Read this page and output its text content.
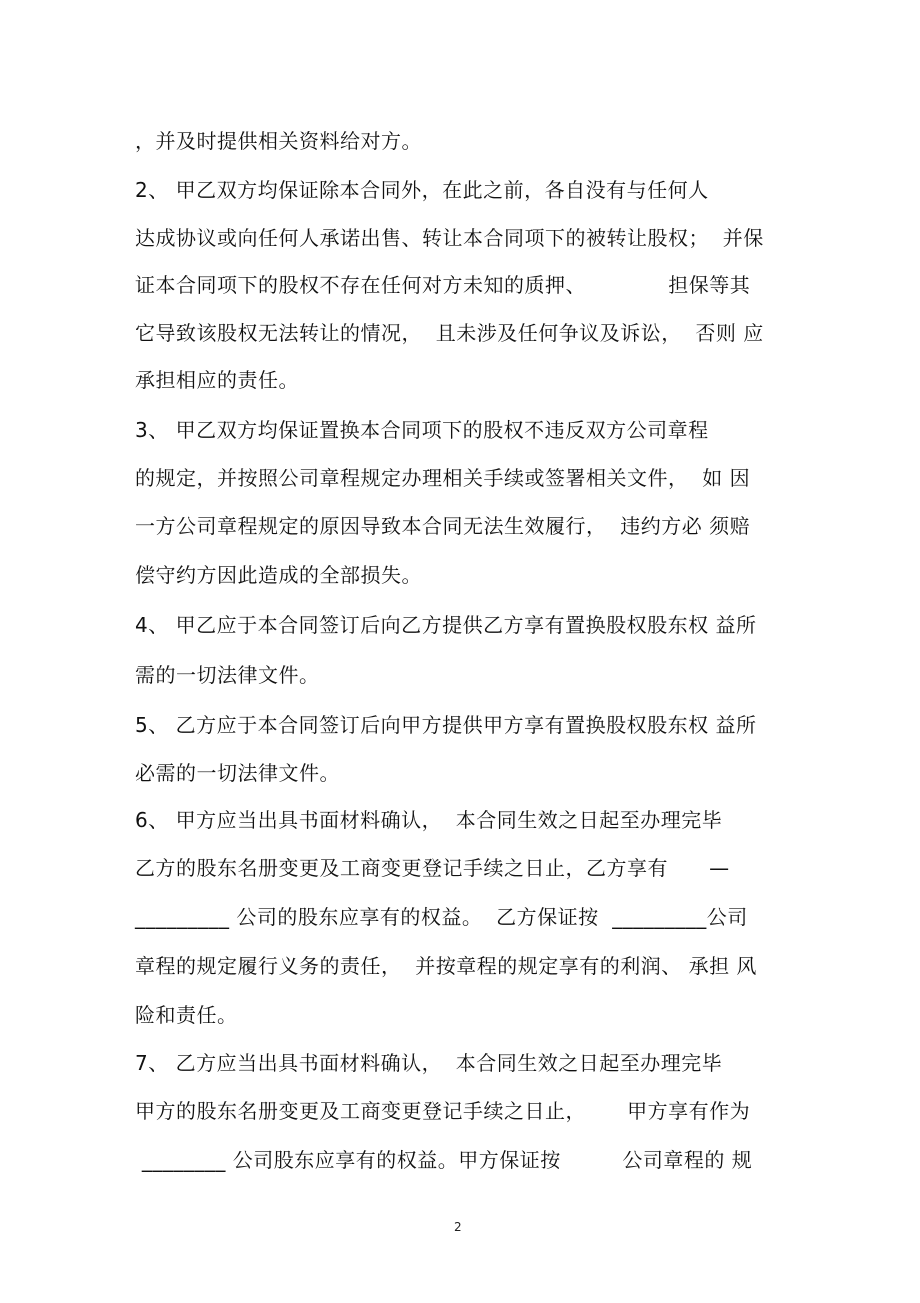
，并及时提供相关资料给对方。
2、 甲乙双方均保证除本合同外，在此之前，各自没有与任何人
达成协议或向任何人承诺出售、转让本合同项下的被转让股权；  并保
证本合同项下的股权不存在任何对方未知的质押、            担保等其
它导致该股权无法转让的情况，  且未涉及任何争议及诉讼，  否则 应
承担相应的责任。
3、 甲乙双方均保证置换本合同项下的股权不违反双方公司章程
的规定，并按照公司章程规定办理相关手续或签署相关文件，  如 因
一方公司章程规定的原因导致本合同无法生效履行，  违约方必 须赔
偿守约方因此造成的全部损失。
4、 甲乙应于本合同签订后向乙方提供乙方享有置换股权股东权 益所
需的一切法律文件。
5、 乙方应于本合同签订后向甲方提供甲方享有置换股权股东权 益所
必需的一切法律文件。
6、 甲方应当出具书面材料确认，  本合同生效之日起至办理完毕
乙方的股东名册变更及工商变更登记手续之日止，乙方享有      —
_________ 公司的股东应享有的权益。  乙方保证按  _________公司
章程的规定履行义务的责任，  并按章程的规定享有的利润、 承担 风
险和责任。
7、 乙方应当出具书面材料确认，  本合同生效之日起至办理完毕
甲方的股东名册变更及工商变更登记手续之日止，      甲方享有作为
________ 公司股东应享有的权益。甲方保证按         公司章程的 规
2
